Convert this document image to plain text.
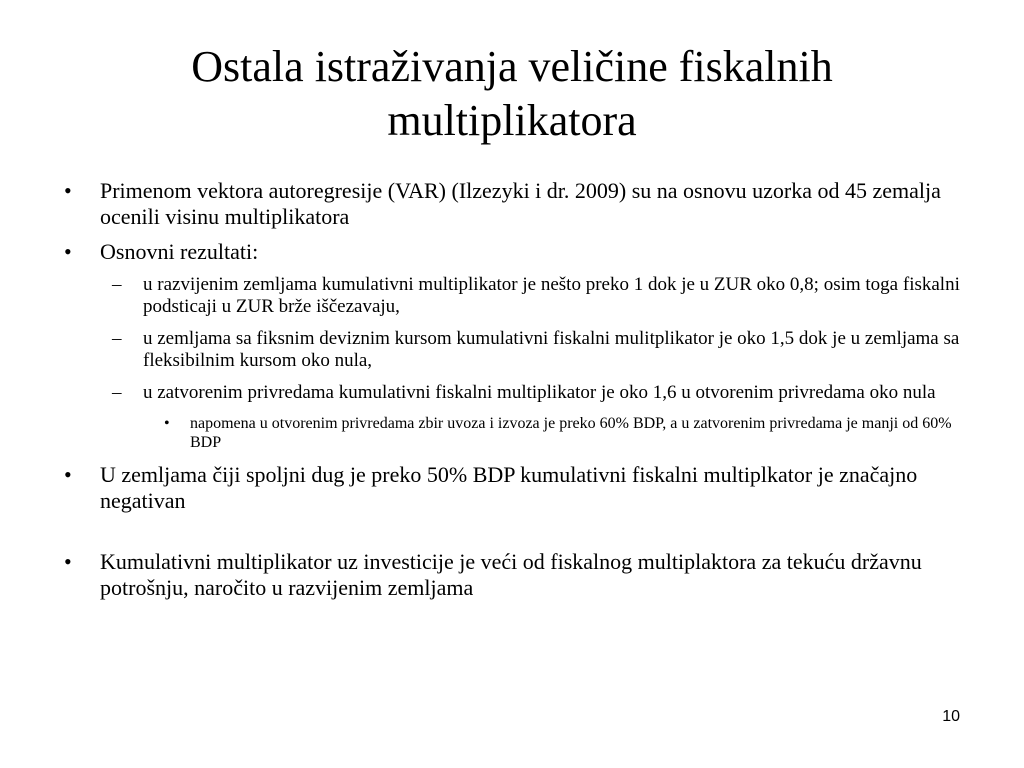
Ostala istraživanja veličine fiskalnih
multiplikatora
• Primenom vektora autoregresije (VAR) (Ilzezyki i dr. 2009) su na osnovu uzorka od 45 zemalja ocenili visinu multiplikatora
• Osnovni rezultati:
– u razvijenim zemljama kumulativni multiplikator je nešto preko 1 dok je u ZUR oko 0,8; osim toga fiskalni podsticaji u ZUR brže iščezavaju,
– u zemljama sa fiksnim deviznim kursom kumulativni fiskalni mulitplikator je oko 1,5 dok je u zemljama sa fleksibilnim kursom oko nula,
– u zatvorenim privredama kumulativni fiskalni multiplikator je oko 1,6 u otvorenim privredama oko nula
• napomena u otvorenim privredama zbir uvoza i izvoza je preko 60% BDP, a u zatvorenim privredama je manji od 60% BDP
• U zemljama čiji spoljni dug je preko 50% BDP kumulativni fiskalni multiplkator je značajno negativan
• Kumulativni multiplikator uz investicije je veći od fiskalnog multiplaktora za tekuću državnu potrošnju, naročito u razvijenim zemljama
10
